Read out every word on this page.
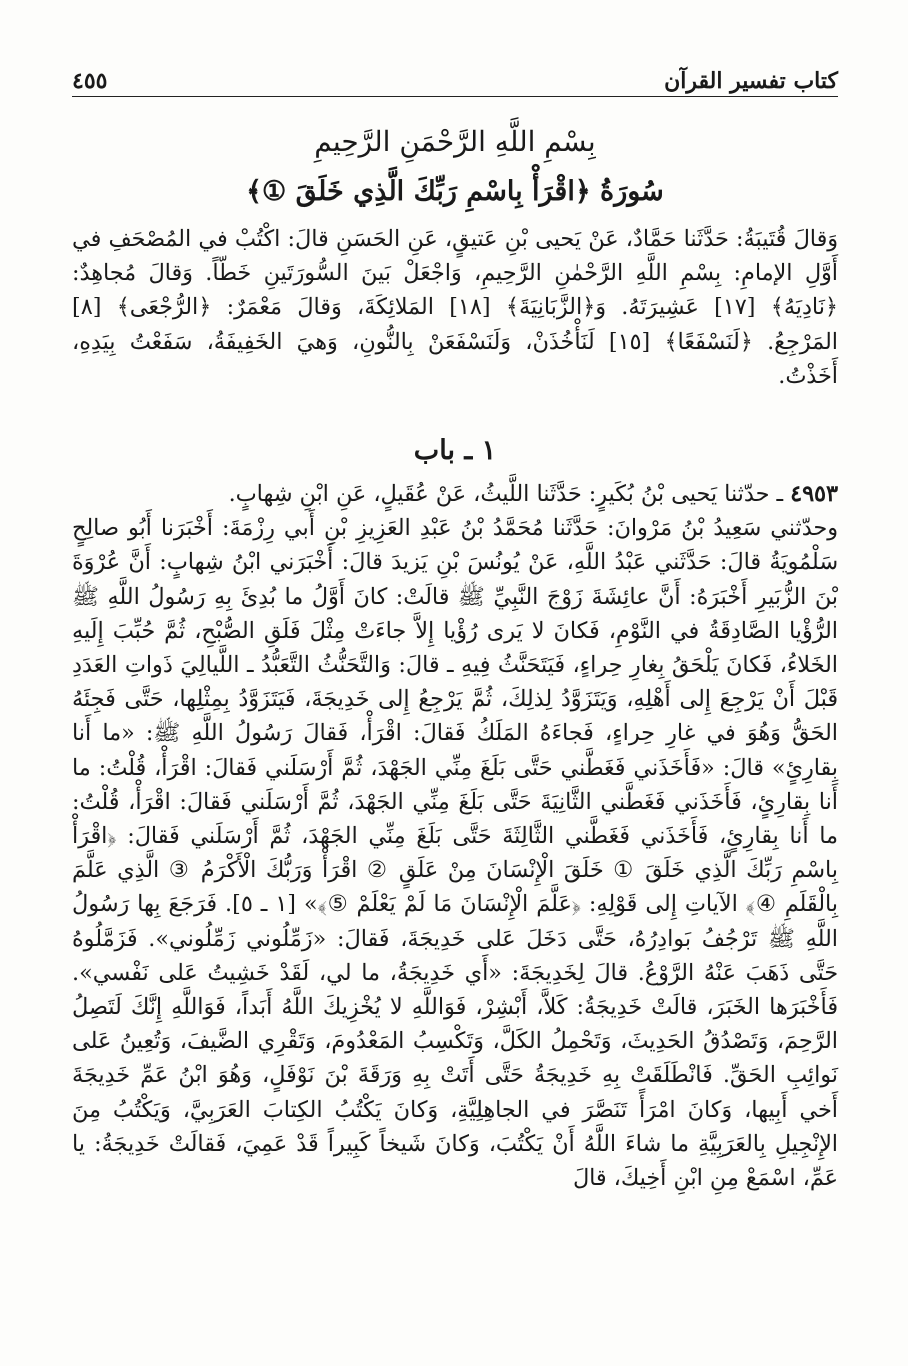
كتاب تفسير القرآن
٤٥٥
بِسْمِ اللَّهِ الرَّحْمَنِ الرَّحِيمِ
سُورَةُ ﴿اقْرَأْ بِاسْمِ رَبِّكَ الَّذِي خَلَقَ ①﴾

وَقالَ قُتَيبَةُ: حَدَّثَنا حَمَّادٌ، عَنْ يَحيى بْنِ عَتيقٍ، عَنِ الحَسَنِ قالَ: اكْتُبْ في المُصْحَفِ في أَوَّلِ الإمامِ: بِسْمِ اللَّهِ الرَّحْمٰنِ الرَّحِيمِ، وَاجْعَلْ بَينَ السُّورَتَينِ خَطّاً. وَقالَ مُجاهِدٌ: ﴿نَادِيَهُ﴾ [١٧] عَشِيرَتَهُ. وَ﴿الزَّبَانِيَةَ﴾ [١٨] المَلائِكَةَ، وَقالَ مَعْمَرٌ: ﴿الرُّجْعَى﴾ [٨] المَرْجِعُ. ﴿لَنَسْفَعًا﴾ [١٥] لَنَأْخُذَنْ، وَلَنَسْفَعَنْ بِالنُّونِ، وَهيَ الخَفِيفَةُ، سَفَعْتُ بِيَدِهِ، أَخَذْتُ.

١ ـ باب

٤٩٥٣ ـ حدّثنا يَحيى بْنُ بُكَيرٍ: حَدَّثَنا اللَّيثُ، عَنْ عُقَيلٍ، عَنِ ابْنِ شِهابٍ.

وحدّثني سَعِيدُ بْنُ مَرْوانَ: حَدَّثَنا مُحَمَّدُ بْنُ عَبْدِ العَزِيزِ بْنِ أَبي رِزْمَةَ: أَخْبَرَنا أَبُو صالِحٍ سَلْمُويَةُ قالَ: حَدَّثَني عَبْدُ اللَّهِ، عَنْ يُونُسَ بْنِ يَزيدَ قالَ: أَخْبَرَني ابْنُ شِهابٍ: أَنَّ عُرْوَةَ بْنَ الزُّبَيرِ أَخْبَرَهُ: أَنَّ عائِشَةَ زَوْجَ النَّبِيِّ ﷺ قالَتْ: كانَ أَوَّلُ ما بُدِئَ بِهِ رَسُولُ اللَّهِ ﷺ الرُّؤْيا الصَّادِقَةُ في النَّوْمِ، فَكانَ لا يَرى رُؤْيا إِلاَّ جاءَتْ مِثْلَ فَلَقِ الصُّبْحِ، ثُمَّ حُبِّبَ إِلَيهِ الخَلاءُ، فَكانَ يَلْحَقُ بِغارِ حِراءٍ، فَيَتَحَنَّثُ فِيهِ ـ قالَ: وَالتَّحَنُّثُ التَّعَبُّدُ ـ اللَّيالِيَ ذَواتِ العَدَدِ قَبْلَ أَنْ يَرْجِعَ إِلى أَهْلِهِ، وَيَتَزَوَّدُ لِذلِكَ، ثُمَّ يَرْجِعُ إِلى خَدِيجَةَ، فَيَتَزَوَّدُ بِمِثْلِها، حَتَّى فَجِئَهُ الحَقُّ وَهُوَ في غارِ حِراءٍ، فَجاءَهُ المَلَكُ فَقالَ: اقْرَأْ، فَقالَ رَسُولُ اللَّهِ ﷺ: «ما أَنا بِقارِئٍ» قالَ: «فَأَخَذَني فَغَطَّني حَتَّى بَلَغَ مِنِّي الجَهْدَ، ثُمَّ أَرْسَلَني فَقالَ: اقْرَأْ، قُلْتُ: ما أَنا بِقارِئٍ، فَأَخَذَني فَغَطَّني الثَّانِيَةَ حَتَّى بَلَغَ مِنِّي الجَهْدَ، ثُمَّ أَرْسَلَني فَقالَ: اقْرَأْ، قُلْتُ: ما أَنا بِقارِئٍ، فَأَخَذَني فَغَطَّني الثَّالِثَةَ حَتَّى بَلَغَ مِنِّي الجَهْدَ، ثُمَّ أَرْسَلَني فَقالَ: ﴿اقْرَأْ بِاسْمِ رَبِّكَ الَّذِي خَلَقَ ① خَلَقَ الْإِنْسَانَ مِنْ عَلَقٍ ② اقْرَأْ وَرَبُّكَ الْأَكْرَمُ ③ الَّذِي عَلَّمَ بِالْقَلَمِ ④﴾ الآياتِ إِلى قَوْلِهِ: ﴿عَلَّمَ الْإِنْسَانَ مَا لَمْ يَعْلَمْ ⑤﴾» [١ ـ ٥]. فَرَجَعَ بِها رَسُولُ اللَّهِ ﷺ تَرْجُفُ بَوادِرُهُ، حَتَّى دَخَلَ عَلى خَدِيجَةَ، فَقالَ: «زَمِّلُوني زَمِّلُوني». فَزَمَّلُوهُ حَتَّى ذَهَبَ عَنْهُ الرَّوْعُ. قالَ لِخَدِيجَةَ: «أَي خَدِيجَةُ، ما لي، لَقَدْ خَشِيتُ عَلى نَفْسي». فَأَخْبَرَها الخَبَرَ، قالَتْ خَدِيجَةُ: كَلاَّ، أَبْشِرْ، فَوَاللَّهِ لا يُخْزِيكَ اللَّهُ أَبَداً، فَوَاللَّهِ إِنَّكَ لَتَصِلُ الرَّحِمَ، وَتَصْدُقُ الحَدِيثَ، وَتَحْمِلُ الكَلَّ، وَتَكْسِبُ المَعْدُومَ، وَتَقْرِي الضَّيفَ، وَتُعِينُ عَلى نَوائِبِ الحَقِّ. فَانْطَلَقَتْ بِهِ خَدِيجَةُ حَتَّى أَتَتْ بِهِ وَرَقَةَ بْنَ نَوْفَلٍ، وَهُوَ ابْنُ عَمِّ خَدِيجَةَ أَخي أَبِيها، وَكانَ امْرَأً تَنَصَّرَ في الجاهِلِيَّةِ، وَكانَ يَكْتُبُ الكِتابَ العَرَبِيَّ، وَيَكْتُبُ مِنَ الإِنْجِيلِ بِالعَرَبِيَّةِ ما شاءَ اللَّهُ أَنْ يَكْتُبَ، وَكانَ شَيخاً كَبِيراً قَدْ عَمِيَ، فَقالَتْ خَدِيجَةُ: يا عَمِّ، اسْمَعْ مِنِ ابْنِ أَخِيكَ، قالَ
